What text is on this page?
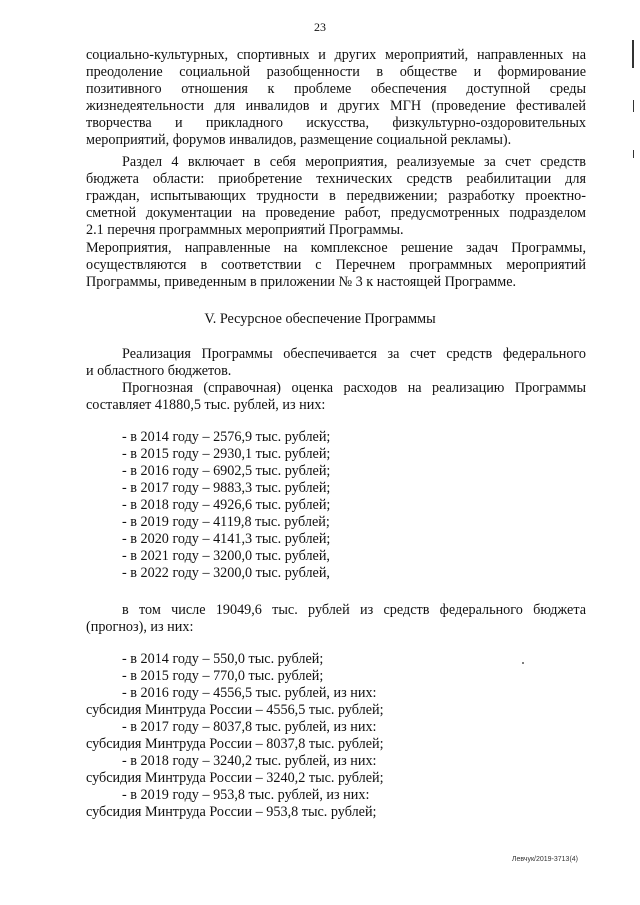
23
социально-культурных, спортивных и других мероприятий, направленных на
преодоление социальной разобщенности в обществе и формирование
позитивного отношения к проблеме обеспечения доступной среды
жизнедеятельности для инвалидов и других МГН (проведение фестивалей
творчества и прикладного искусства, физкультурно-оздоровительных
мероприятий, форумов инвалидов, размещение социальной рекламы).
Раздел 4 включает в себя мероприятия, реализуемые за счет средств
бюджета области: приобретение технических средств реабилитации для
граждан, испытывающих трудности в передвижении; разработку проектно-
сметной документации на проведение работ, предусмотренных подразделом
2.1 перечня программных мероприятий Программы.
Мероприятия, направленные на комплексное решение задач Программы,
осуществляются в соответствии с Перечнем программных мероприятий
Программы, приведенным в приложении № 3 к настоящей Программе.
V. Ресурсное обеспечение Программы
Реализация Программы обеспечивается за счет средств федерального
и областного бюджетов.
Прогнозная (справочная) оценка расходов на реализацию Программы
составляет 41880,5 тыс. рублей, из них:
- в 2014 году – 2576,9 тыс. рублей;
- в 2015 году – 2930,1 тыс. рублей;
- в 2016 году – 6902,5 тыс. рублей;
- в 2017 году – 9883,3 тыс. рублей;
- в 2018 году – 4926,6 тыс. рублей;
- в 2019 году – 4119,8 тыс. рублей;
- в 2020 году – 4141,3 тыс. рублей;
- в 2021 году – 3200,0 тыс. рублей,
- в 2022 году – 3200,0 тыс. рублей,
в том числе 19049,6 тыс. рублей из средств федерального бюджета
(прогноз), из них:
- в 2014 году – 550,0 тыс. рублей;
- в 2015 году – 770,0 тыс. рублей;
- в 2016 году – 4556,5 тыс. рублей, из них:
субсидия Минтруда России – 4556,5 тыс. рублей;
- в 2017 году – 8037,8 тыс. рублей, из них:
субсидия Минтруда России – 8037,8 тыс. рублей;
- в 2018 году – 3240,2 тыс. рублей, из них:
субсидия Минтруда России – 3240,2 тыс. рублей;
- в 2019 году – 953,8 тыс. рублей, из них:
субсидия Минтруда России – 953,8 тыс. рублей;
Левчук/2019-3713(4)
